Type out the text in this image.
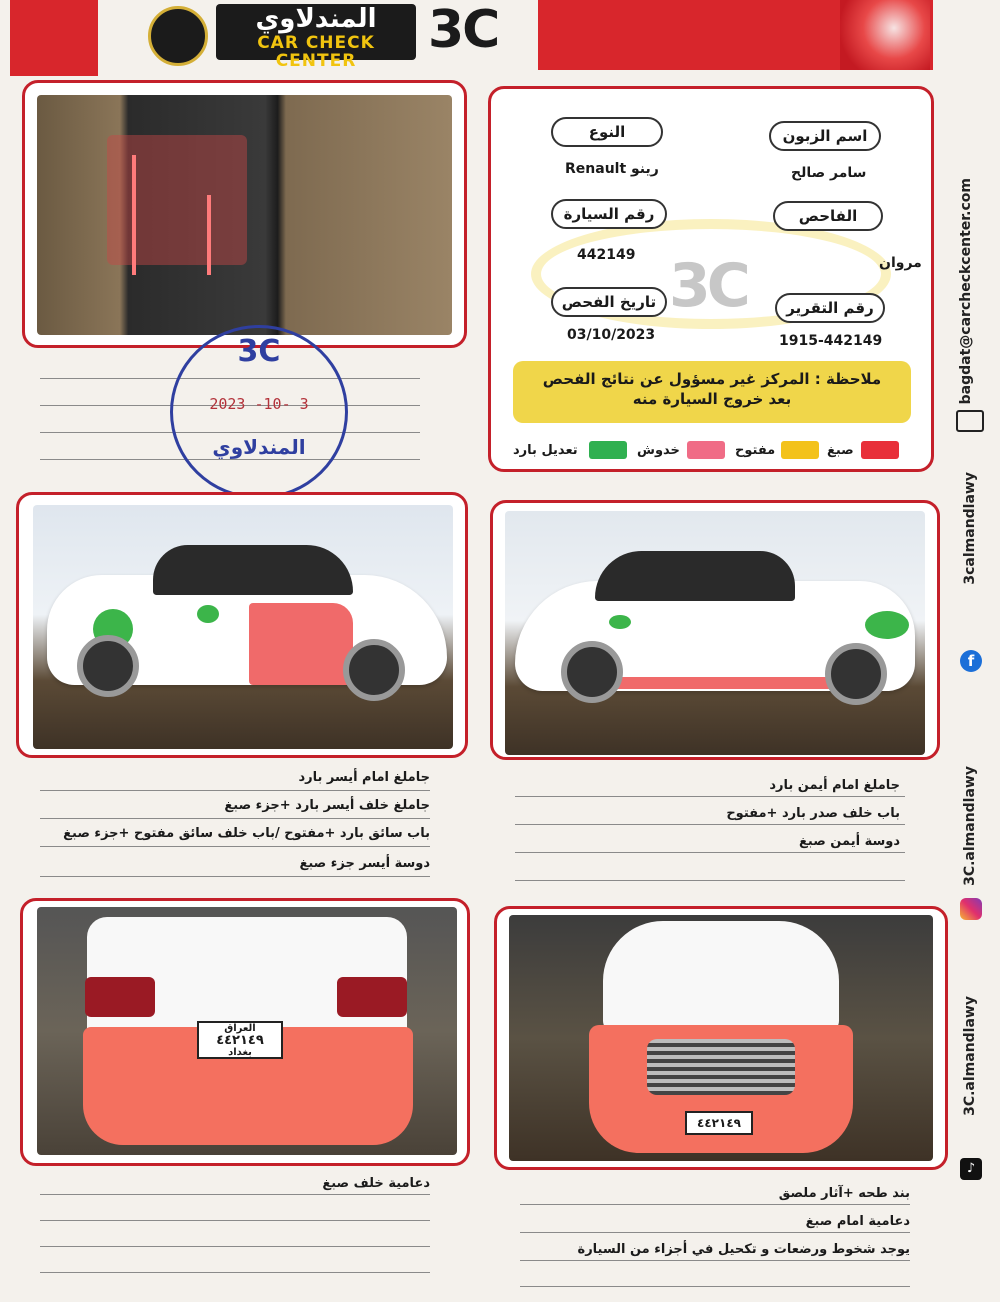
المندلاوي
CAR CHECK CENTER
3C
3C
2023 -10- 3
المندلاوي
3C
اسم الزبون
النوع
سامر صالح
رينو Renault
الفاحص
رقم السيارة
مروان
442149
رقم التقرير
تاريخ الفحص
1915-442149
03/10/2023
ملاحظة : المركز غير مسؤول عن نتائج الفحص
بعد خروج السيارة منه
صبغ
مفتوح
خدوش
تعديل بارد
جاملغ امام أيسر بارد
جاملغ خلف أيسر بارد +جزء صبغ
باب سائق بارد +مفتوح /باب خلف سائق مفتوح +جزء صبغ
دوسة أيسر جزء صبغ
جاملغ امام أيمن بارد
باب خلف صدر بارد +مفتوح
دوسة أيمن صبغ
العراق
٤٤٢١٤٩
بغداد
٤٤٢١٤٩
دعامية خلف صبغ
بند طحه +آثار ملصق
دعامية امام صبغ
يوجد شخوط ورضعات و تكحيل في أجزاء من السيارة
bagdat@carcheckcenter.com
3calmandlawy
f
3C.almandlawy
3C.almandlawy
♪
